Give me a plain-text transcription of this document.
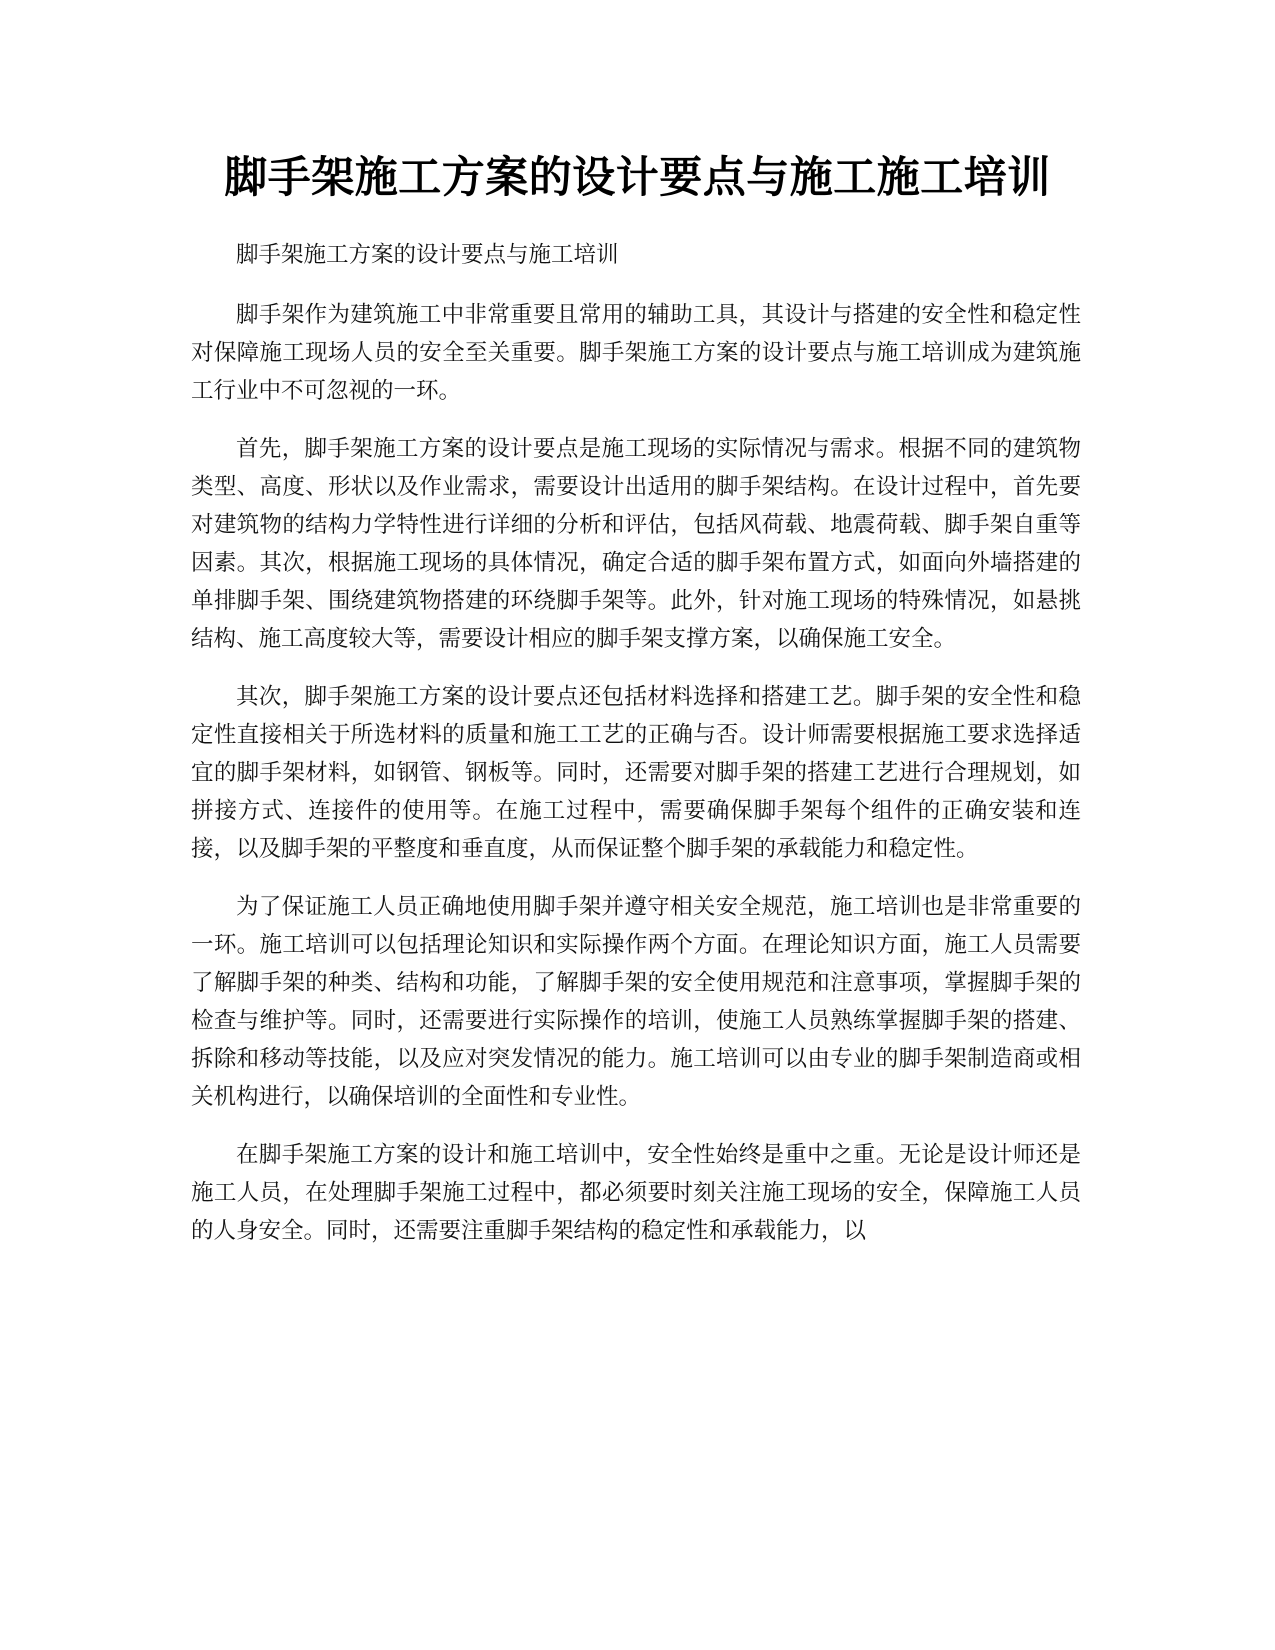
脚手架施工方案的设计要点与施工施工培训

脚手架施工方案的设计要点与施工培训

脚手架作为建筑施工中非常重要且常用的辅助工具，其设计与搭建的安全性和稳定性对保障施工现场人员的安全至关重要。脚手架施工方案的设计要点与施工培训成为建筑施工行业中不可忽视的一环。

首先，脚手架施工方案的设计要点是施工现场的实际情况与需求。根据不同的建筑物类型、高度、形状以及作业需求，需要设计出适用的脚手架结构。在设计过程中，首先要对建筑物的结构力学特性进行详细的分析和评估，包括风荷载、地震荷载、脚手架自重等因素。其次，根据施工现场的具体情况，确定合适的脚手架布置方式，如面向外墙搭建的单排脚手架、围绕建筑物搭建的环绕脚手架等。此外，针对施工现场的特殊情况，如悬挑结构、施工高度较大等，需要设计相应的脚手架支撑方案，以确保施工安全。

其次，脚手架施工方案的设计要点还包括材料选择和搭建工艺。脚手架的安全性和稳定性直接相关于所选材料的质量和施工工艺的正确与否。设计师需要根据施工要求选择适宜的脚手架材料，如钢管、钢板等。同时，还需要对脚手架的搭建工艺进行合理规划，如拼接方式、连接件的使用等。在施工过程中，需要确保脚手架每个组件的正确安装和连接，以及脚手架的平整度和垂直度，从而保证整个脚手架的承载能力和稳定性。

为了保证施工人员正确地使用脚手架并遵守相关安全规范，施工培训也是非常重要的一环。施工培训可以包括理论知识和实际操作两个方面。在理论知识方面，施工人员需要了解脚手架的种类、结构和功能，了解脚手架的安全使用规范和注意事项，掌握脚手架的检查与维护等。同时，还需要进行实际操作的培训，使施工人员熟练掌握脚手架的搭建、拆除和移动等技能，以及应对突发情况的能力。施工培训可以由专业的脚手架制造商或相关机构进行，以确保培训的全面性和专业性。

在脚手架施工方案的设计和施工培训中，安全性始终是重中之重。无论是设计师还是施工人员，在处理脚手架施工过程中，都必须要时刻关注施工现场的安全，保障施工人员的人身安全。同时，还需要注重脚手架结构的稳定性和承载能力，以
